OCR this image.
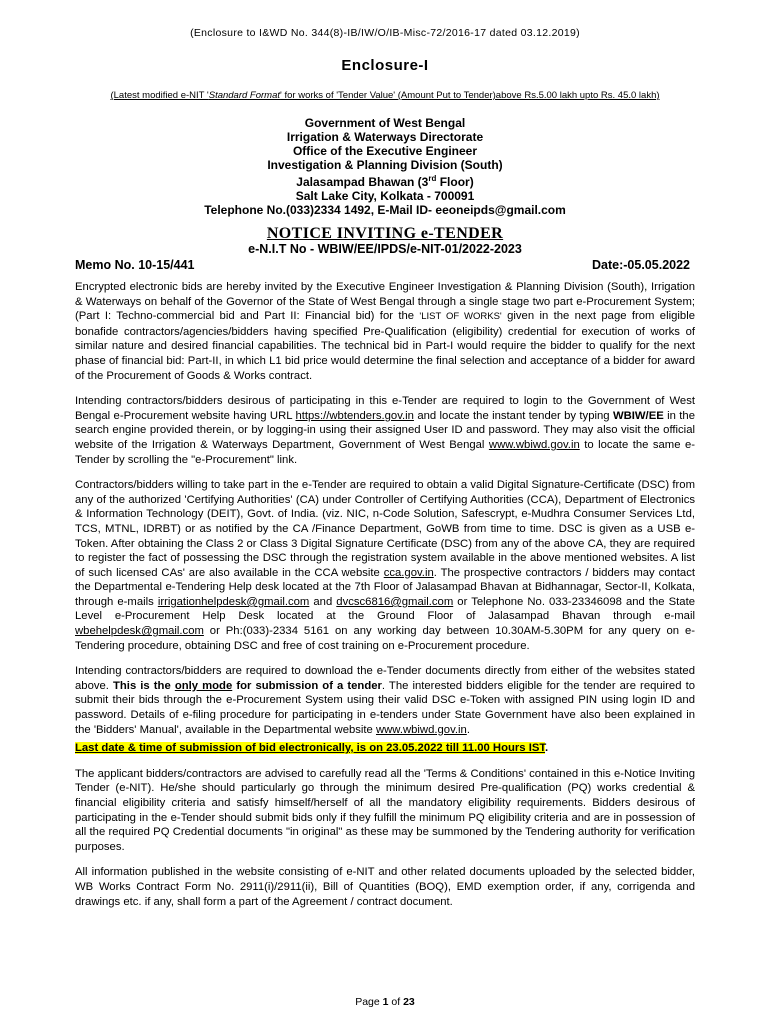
(Enclosure to I&WD No. 344(8)-IB/IW/O/IB-Misc-72/2016-17 dated 03.12.2019)
Enclosure-I
(Latest modified e-NIT 'Standard Format' for works of 'Tender Value' (Amount Put to Tender)above Rs.5.00 lakh upto Rs. 45.0 lakh)
Government of West Bengal
Irrigation & Waterways Directorate
Office of the Executive Engineer
Investigation & Planning Division (South)
Jalasampad Bhawan (3rd Floor)
Salt Lake City, Kolkata - 700091
Telephone No.(033)2334 1492, E-Mail ID- eeoneipds@gmail.com
NOTICE INVITING e-TENDER
e-N.I.T No - WBIW/EE/IPDS/e-NIT-01/2022-2023
Memo No. 10-15/441	Date:-05.05.2022

Encrypted electronic bids are hereby invited by the Executive Engineer Investigation & Planning Division (South), Irrigation & Waterways on behalf of the Governor of the State of West Bengal through a single stage two part e-Procurement System; (Part I: Techno-commercial bid and Part II: Financial bid) for the 'LIST OF WORKS' given in the next page from eligible bonafide contractors/agencies/bidders having specified Pre-Qualification (eligibility) credential for execution of works of similar nature and desired financial capabilities. The technical bid in Part-I would require the bidder to qualify for the next phase of financial bid: Part-II, in which L1 bid price would determine the final selection and acceptance of a bidder for award of the Procurement of Goods & Works contract.

Intending contractors/bidders desirous of participating in this e-Tender are required to login to the Government of West Bengal e-Procurement website having URL https://wbtenders.gov.in and locate the instant tender by typing WBIW/EE in the search engine provided therein, or by logging-in using their assigned User ID and password. They may also visit the official website of the Irrigation & Waterways Department, Government of West Bengal www.wbiwd.gov.in to locate the same e-Tender by scrolling the "e-Procurement" link.

Contractors/bidders willing to take part in the e-Tender are required to obtain a valid Digital Signature-Certificate (DSC) from any of the authorized 'Certifying Authorities' (CA) under Controller of Certifying Authorities (CCA), Department of Electronics & Information Technology (DEIT), Govt. of India. (viz. NIC, n-Code Solution, Safescrypt, e-Mudhra Consumer Services Ltd, TCS, MTNL, IDRBT) or as notified by the CA /Finance Department, GoWB from time to time. DSC is given as a USB e-Token. After obtaining the Class 2 or Class 3 Digital Signature Certificate (DSC) from any of the above CA, they are required to register the fact of possessing the DSC through the registration system available in the above mentioned websites. A list of such licensed CAs' are also available in the CCA website cca.gov.in. The prospective contractors / bidders may contact the Departmental e-Tendering Help desk located at the 7th Floor of Jalasampad Bhavan at Bidhannagar, Sector-II, Kolkata, through e-mails irrigationhelpdesk@gmail.com and dvcsc6816@gmail.com or Telephone No. 033-23346098 and the State Level e-Procurement Help Desk located at the Ground Floor of Jalasampad Bhavan through e-mail wbehelpdesk@gmail.com or Ph:(033)-2334 5161 on any working day between 10.30AM-5.30PM for any query on e-Tendering procedure, obtaining DSC and free of cost training on e-Procurement procedure.

Intending contractors/bidders are required to download the e-Tender documents directly from either of the websites stated above. This is the only mode for submission of a tender. The interested bidders eligible for the tender are required to submit their bids through the e-Procurement System using their valid DSC e-Token with assigned PIN using login ID and password. Details of e-filing procedure for participating in e-tenders under State Government have also been explained in the 'Bidders' Manual', available in the Departmental website www.wbiwd.gov.in.

Last date & time of submission of bid electronically, is on 23.05.2022 till 11.00 Hours IST.

The applicant bidders/contractors are advised to carefully read all the 'Terms & Conditions' contained in this e-Notice Inviting Tender (e-NIT). He/she should particularly go through the minimum desired Pre-qualification (PQ) works credential & financial eligibility criteria and satisfy himself/herself of all the mandatory eligibility requirements. Bidders desirous of participating in the e-Tender should submit bids only if they fulfill the minimum PQ eligibility criteria and are in possession of all the required PQ Credential documents "in original" as these may be summoned by the Tendering authority for verification purposes.

All information published in the website consisting of e-NIT and other related documents uploaded by the selected bidder, WB Works Contract Form No. 2911(i)/2911(ii), Bill of Quantities (BOQ), EMD exemption order, if any, corrigenda and drawings etc. if any, shall form a part of the Agreement / contract document.

Page 1 of 23
